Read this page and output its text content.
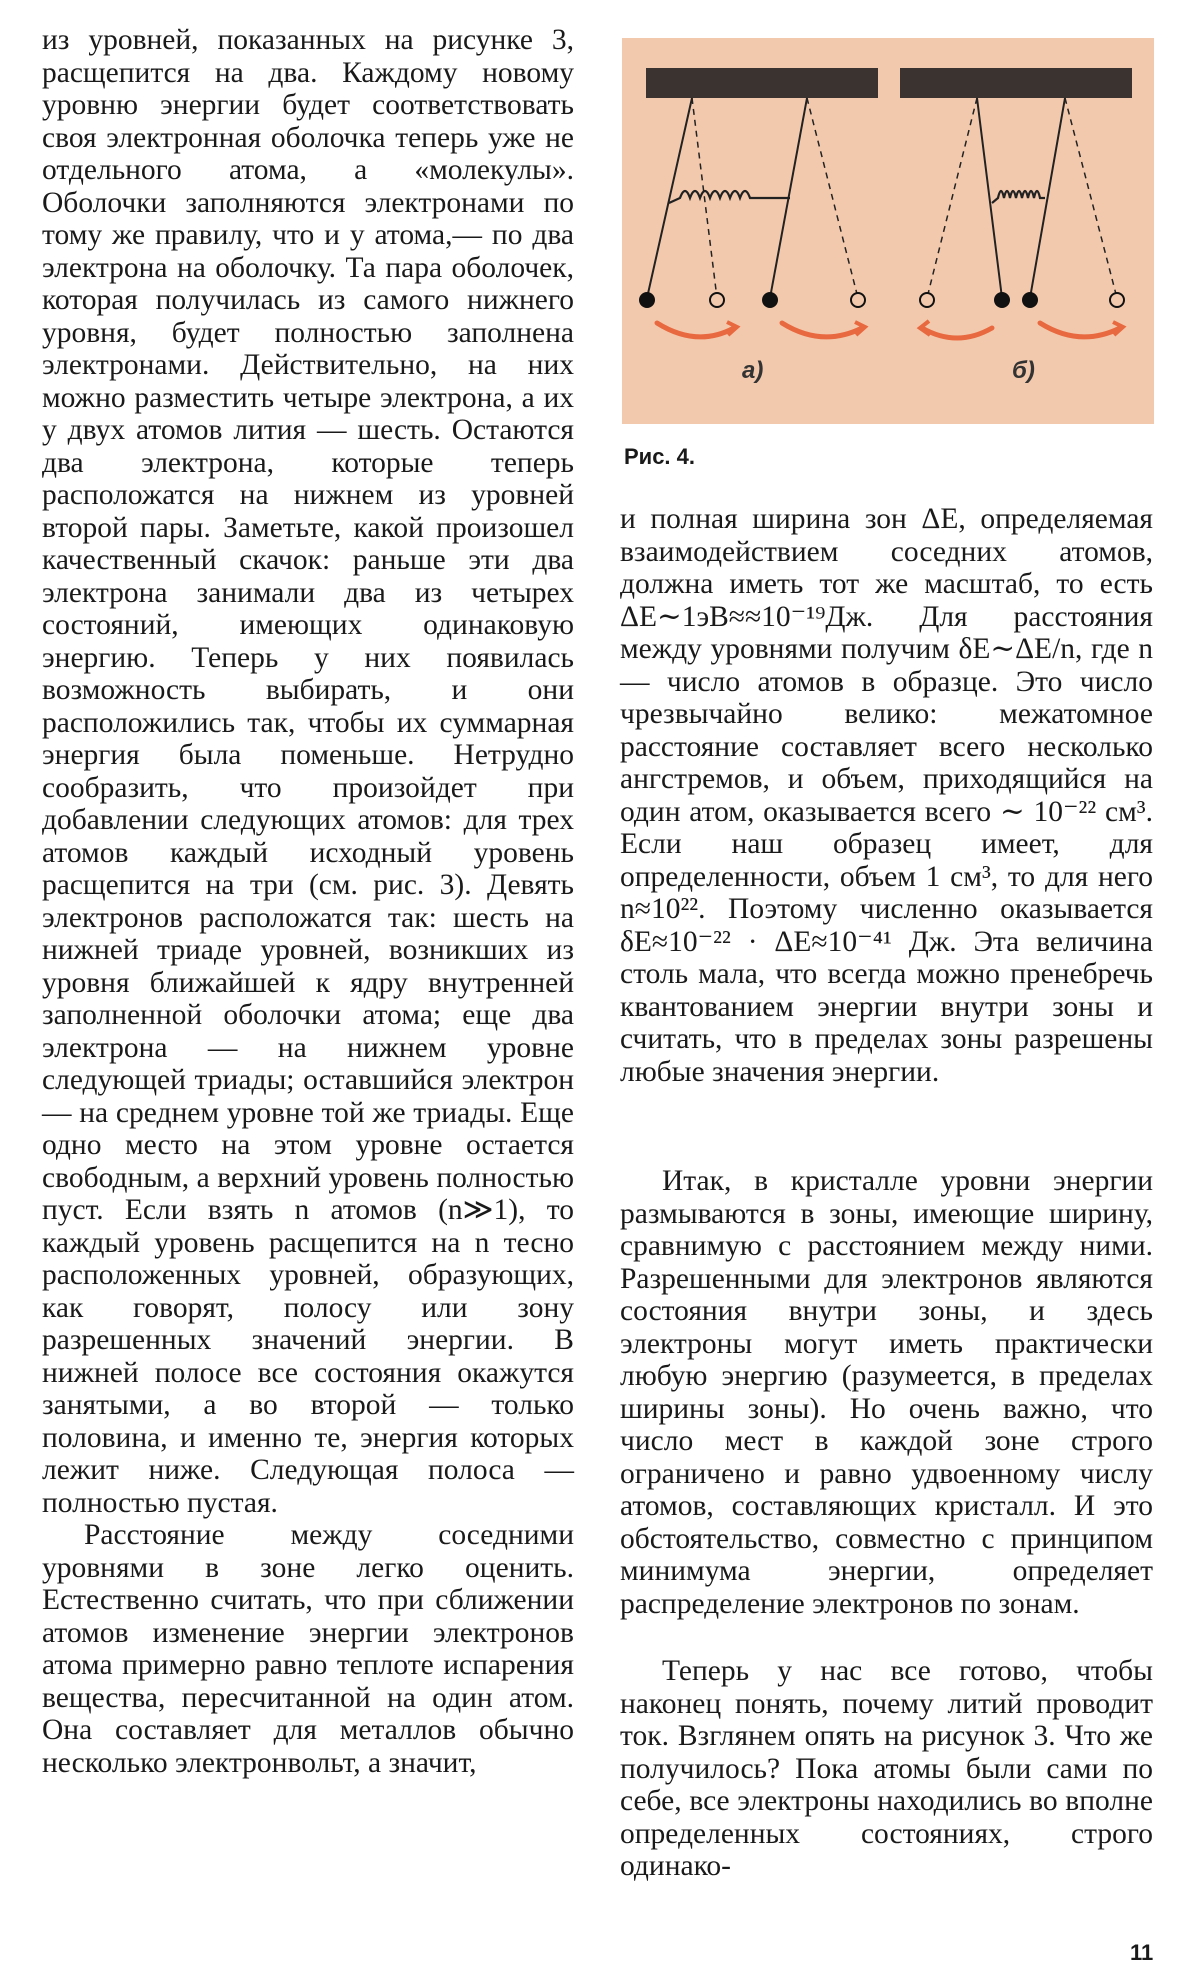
из уровней, показанных на рисунке 3, расщепится на два. Каждому новому уровню энергии будет соответствовать своя электронная оболочка теперь уже не отдельного атома, а «молекулы». Оболочки заполняются электронами по тому же правилу, что и у атома,— по два электрона на оболочку. Та пара оболочек, которая получилась из самого нижнего уровня, будет полностью заполнена электронами. Действительно, на них можно разместить четыре электрона, а их у двух атомов лития — шесть. Остаются два электрона, которые теперь расположатся на нижнем из уровней второй пары. Заметьте, какой произошел качественный скачок: раньше эти два электрона занимали два из четырех состояний, имеющих одинаковую энергию. Теперь у них появилась возможность выбирать, и они расположились так, чтобы их суммарная энергия была поменьше. Нетрудно сообразить, что произойдет при добавлении следующих атомов: для трех атомов каждый исходный уровень расщепится на три (см. рис. 3). Девять электронов расположатся так: шесть на нижней триаде уровней, возникших из уровня ближайшей к ядру внутренней заполненной оболочки атома; еще два электрона — на нижнем уровне следующей триады; оставшийся электрон — на среднем уровне той же триады. Еще одно место на этом уровне остается свободным, а верхний уровень полностью пуст. Если взять n атомов (n≫1), то каждый уровень расщепится на n тесно расположенных уровней, образующих, как говорят, полосу или зону разрешенных значений энергии. В нижней полосе все состояния окажутся занятыми, а во второй — только половина, и именно те, энергия которых лежит ниже. Следующая полоса — полностью пустая.

Расстояние между соседними уровнями в зоне легко оценить. Естественно считать, что при сближении атомов изменение энергии электронов атома примерно равно теплоте испарения вещества, пересчитанной на один атом. Она составляет для металлов обычно несколько электронвольт, а значит,

а)	б)
Рис. 4.

и полная ширина зон ΔE, определяемая взаимодействием соседних атомов, должна иметь тот же масштаб, то есть ΔE∼1эВ≈≈10⁻¹⁹Дж. Для расстояния между уровнями получим δE∼ΔE/n, где n — число атомов в образце. Это число чрезвычайно велико: межатомное расстояние составляет всего несколько ангстремов, и объем, приходящийся на один атом, оказывается всего ∼ 10⁻²² см³. Если наш образец имеет, для определенности, объем 1 см³, то для него n≈10²². Поэтому численно оказывается δE≈10⁻²² · ΔE≈10⁻⁴¹ Дж. Эта величина столь мала, что всегда можно пренебречь квантованием энергии внутри зоны и считать, что в пределах зоны разрешены любые значения энергии.

Итак, в кристалле уровни энергии размываются в зоны, имеющие ширину, сравнимую с расстоянием между ними. Разрешенными для электронов являются состояния внутри зоны, и здесь электроны могут иметь практически любую энергию (разумеется, в пределах ширины зоны). Но очень важно, что число мест в каждой зоне строго ограничено и равно удвоенному числу атомов, составляющих кристалл. И это обстоятельство, совместно с принципом минимума энергии, определяет распределение электронов по зонам.

Теперь у нас все готово, чтобы наконец понять, почему литий проводит ток. Взглянем опять на рисунок 3. Что же получилось? Пока атомы были сами по себе, все электроны находились во вполне определенных состояниях, строго одинако-

11
